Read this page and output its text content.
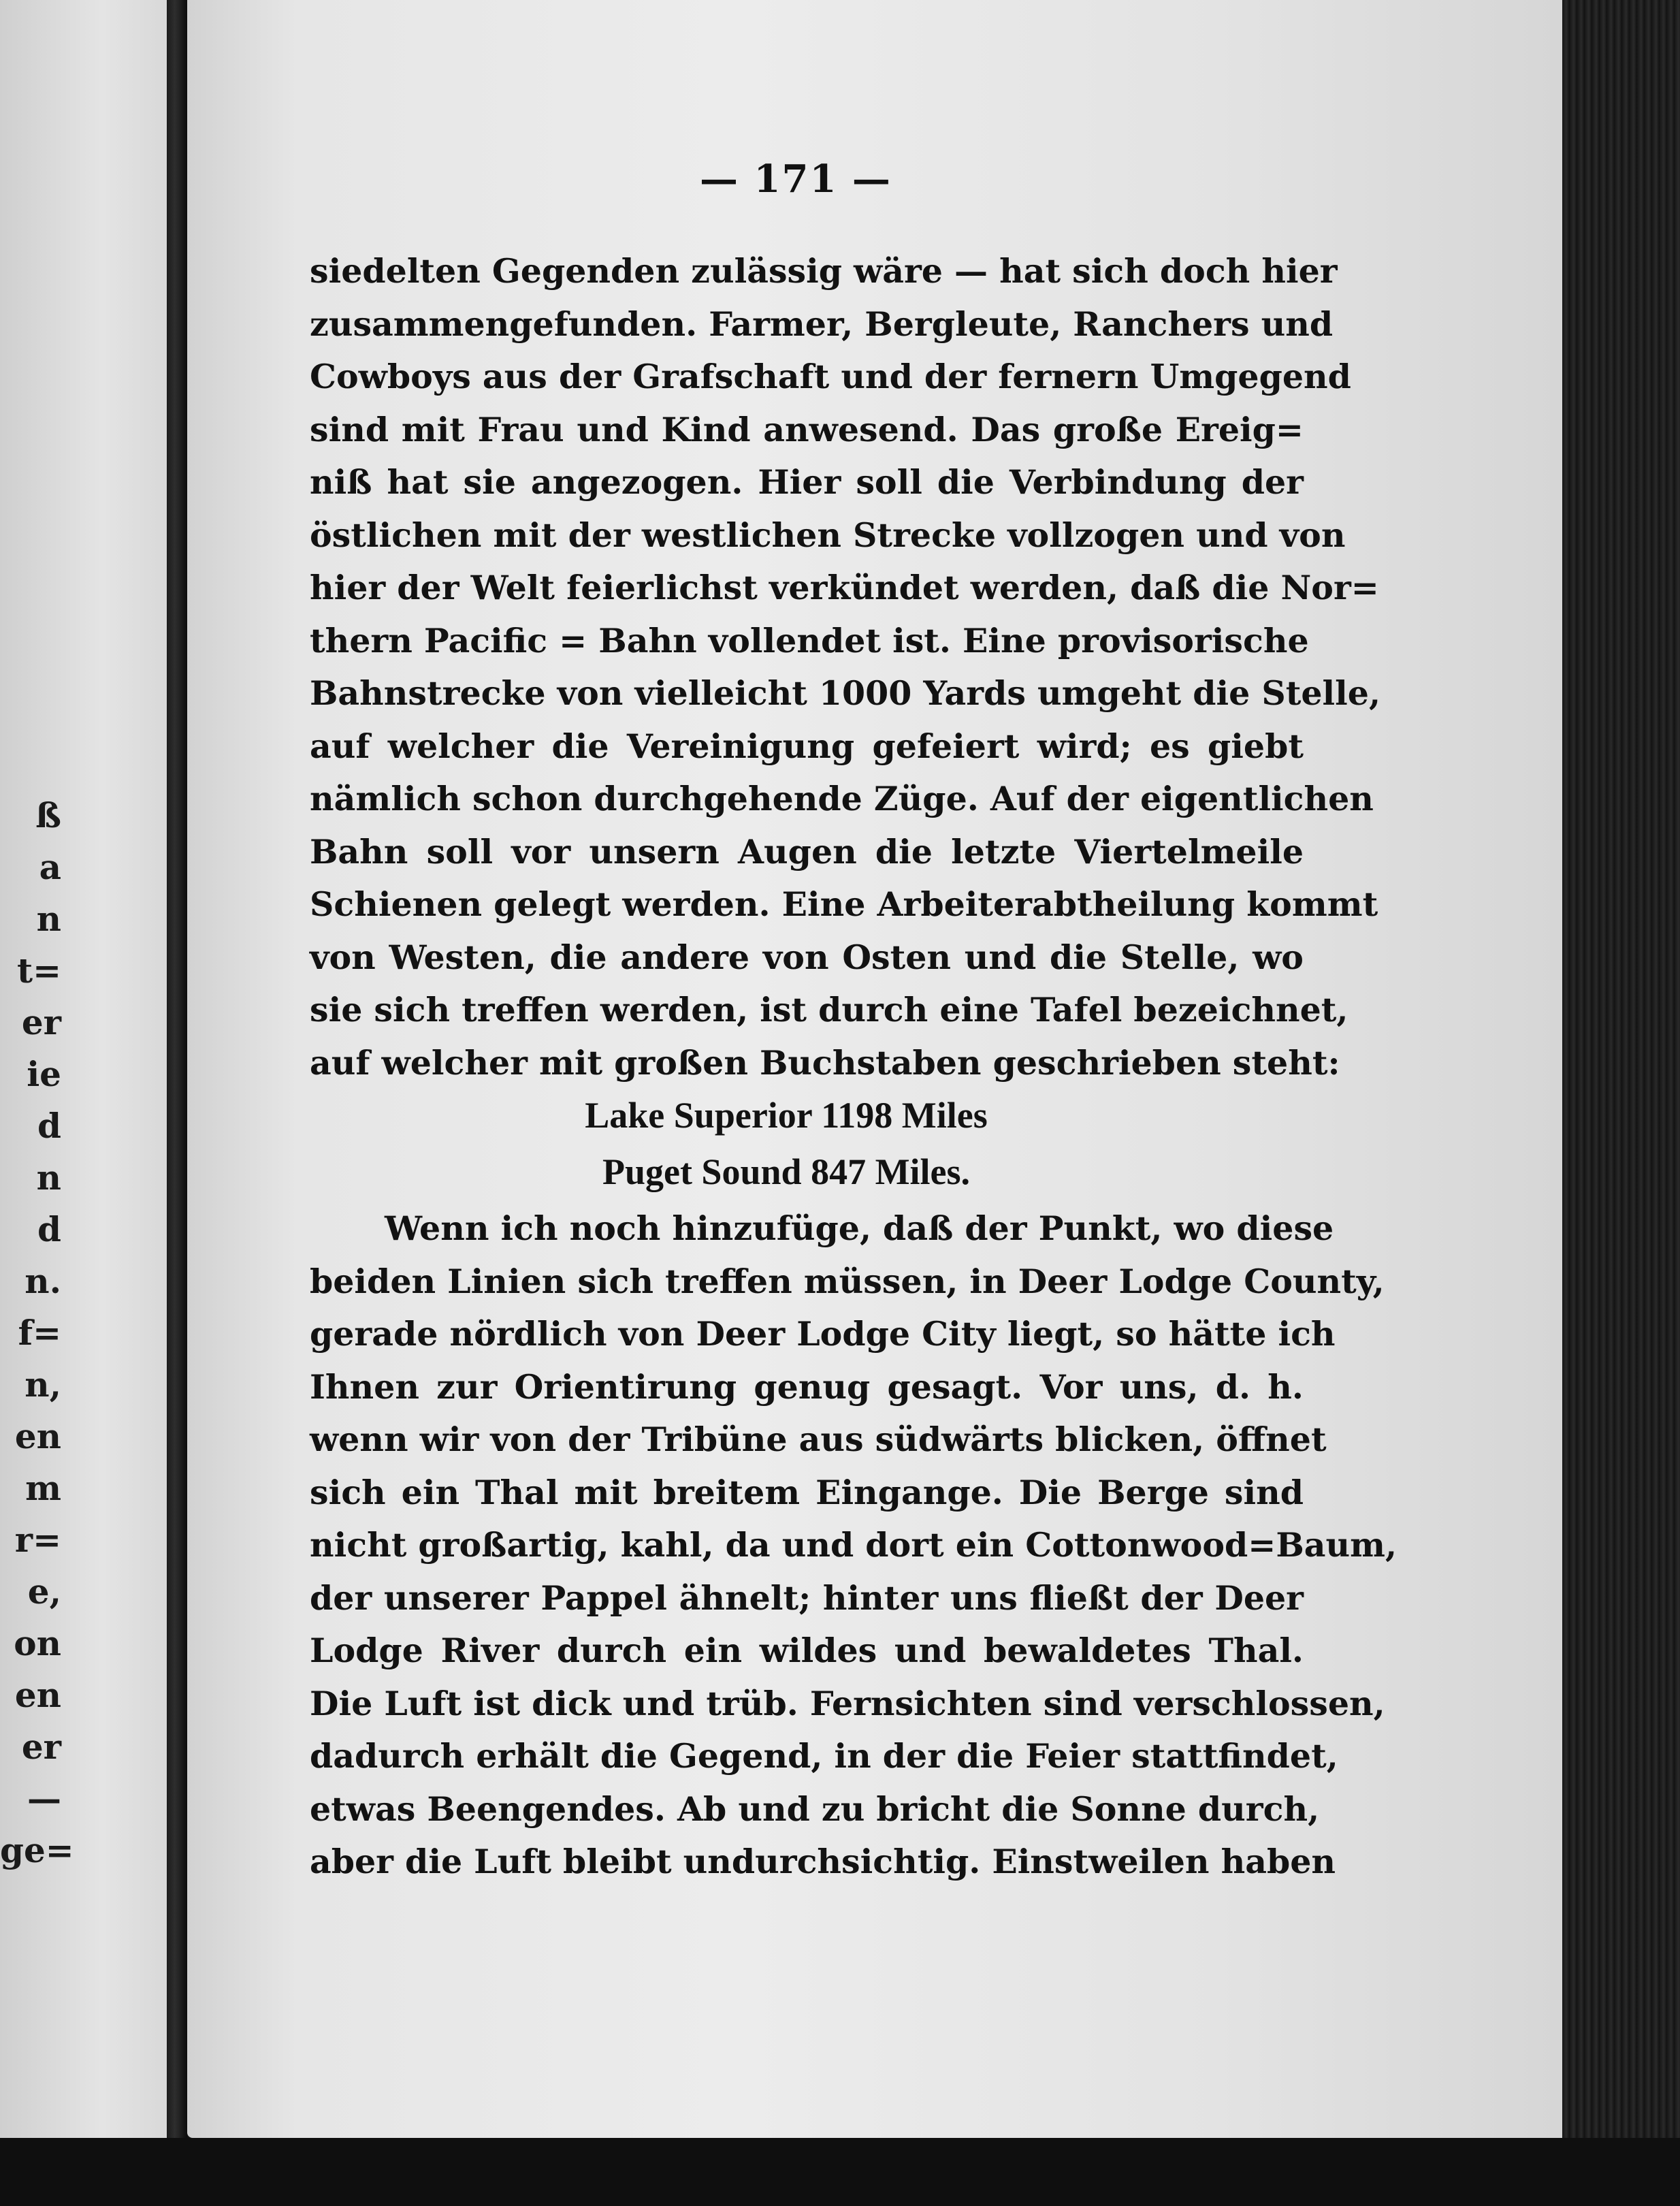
ß
a
n
t=
er
ie
d
n
d
n.
f=
n,
en
m
r=
e,
on
en
er
—
ge=
— 171 —
siedelten Gegenden zulässig wäre — hat sich doch hier
zusammengefunden. Farmer, Bergleute, Ranchers und
Cowboys aus der Grafschaft und der fernern Umgegend
sind mit Frau und Kind anwesend. Das große Ereig=
niß hat sie angezogen. Hier soll die Verbindung der
östlichen mit der westlichen Strecke vollzogen und von
hier der Welt feierlichst verkündet werden, daß die Nor=
thern Pacific = Bahn vollendet ist. Eine provisorische
Bahnstrecke von vielleicht 1000 Yards umgeht die Stelle,
auf welcher die Vereinigung gefeiert wird; es giebt
nämlich schon durchgehende Züge. Auf der eigentlichen
Bahn soll vor unsern Augen die letzte Viertelmeile
Schienen gelegt werden. Eine Arbeiterabtheilung kommt
von Westen, die andere von Osten und die Stelle, wo
sie sich treffen werden, ist durch eine Tafel bezeichnet,
auf welcher mit großen Buchstaben geschrieben steht:
Lake Superior 1198 Miles
Puget Sound 847 Miles.
Wenn ich noch hinzufüge, daß der Punkt, wo diese
beiden Linien sich treffen müssen, in Deer Lodge County,
gerade nördlich von Deer Lodge City liegt, so hätte ich
Ihnen zur Orientirung genug gesagt. Vor uns, d. h.
wenn wir von der Tribüne aus südwärts blicken, öffnet
sich ein Thal mit breitem Eingange. Die Berge sind
nicht großartig, kahl, da und dort ein Cottonwood=Baum,
der unserer Pappel ähnelt; hinter uns fließt der Deer
Lodge River durch ein wildes und bewaldetes Thal.
Die Luft ist dick und trüb. Fernsichten sind verschlossen,
dadurch erhält die Gegend, in der die Feier stattfindet,
etwas Beengendes. Ab und zu bricht die Sonne durch,
aber die Luft bleibt undurchsichtig. Einstweilen haben
